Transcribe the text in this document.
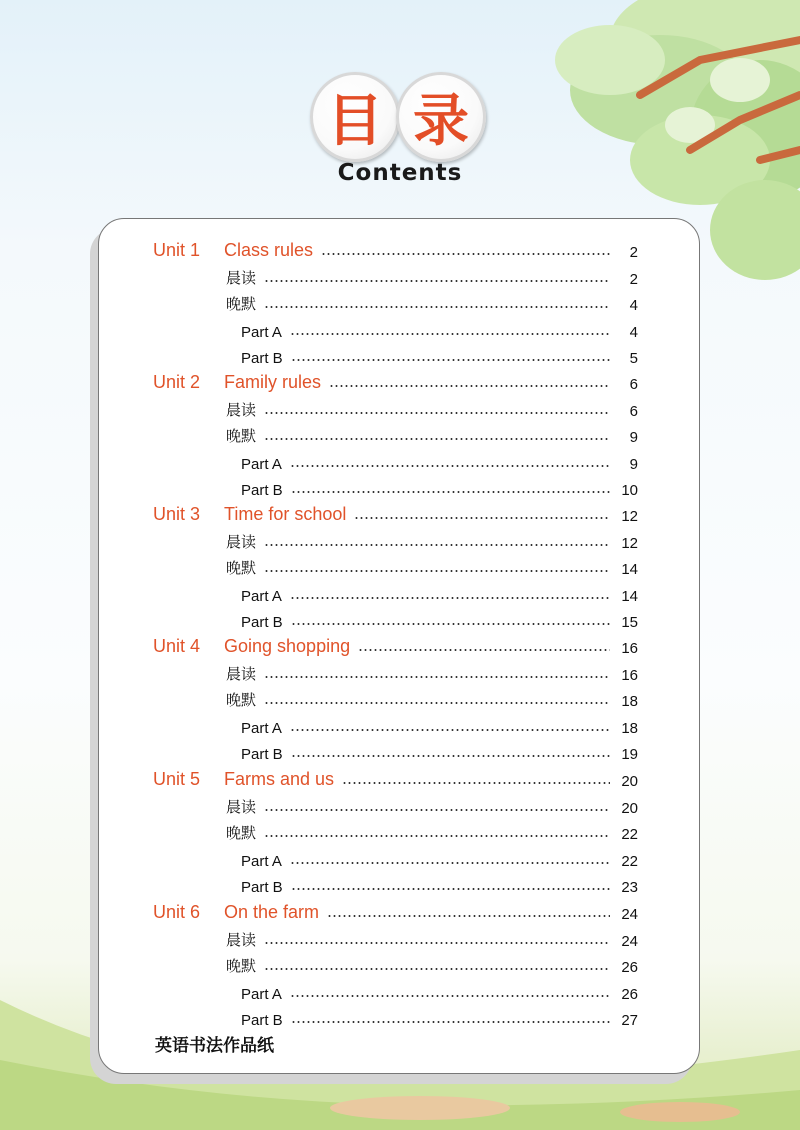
目 录
Contents
Unit 1	Class rules	2
晨读	2
晚默	4
Part A	4
Part B	5
Unit 2	Family rules	6
晨读	6
晚默	9
Part A	9
Part B	10
Unit 3	Time for school	12
晨读	12
晚默	14
Part A	14
Part B	15
Unit 4	Going shopping	16
晨读	16
晚默	18
Part A	18
Part B	19
Unit 5	Farms and us	20
晨读	20
晚默	22
Part A	22
Part B	23
Unit 6	On the farm	24
晨读	24
晚默	26
Part A	26
Part B	27
英语书法作品纸
